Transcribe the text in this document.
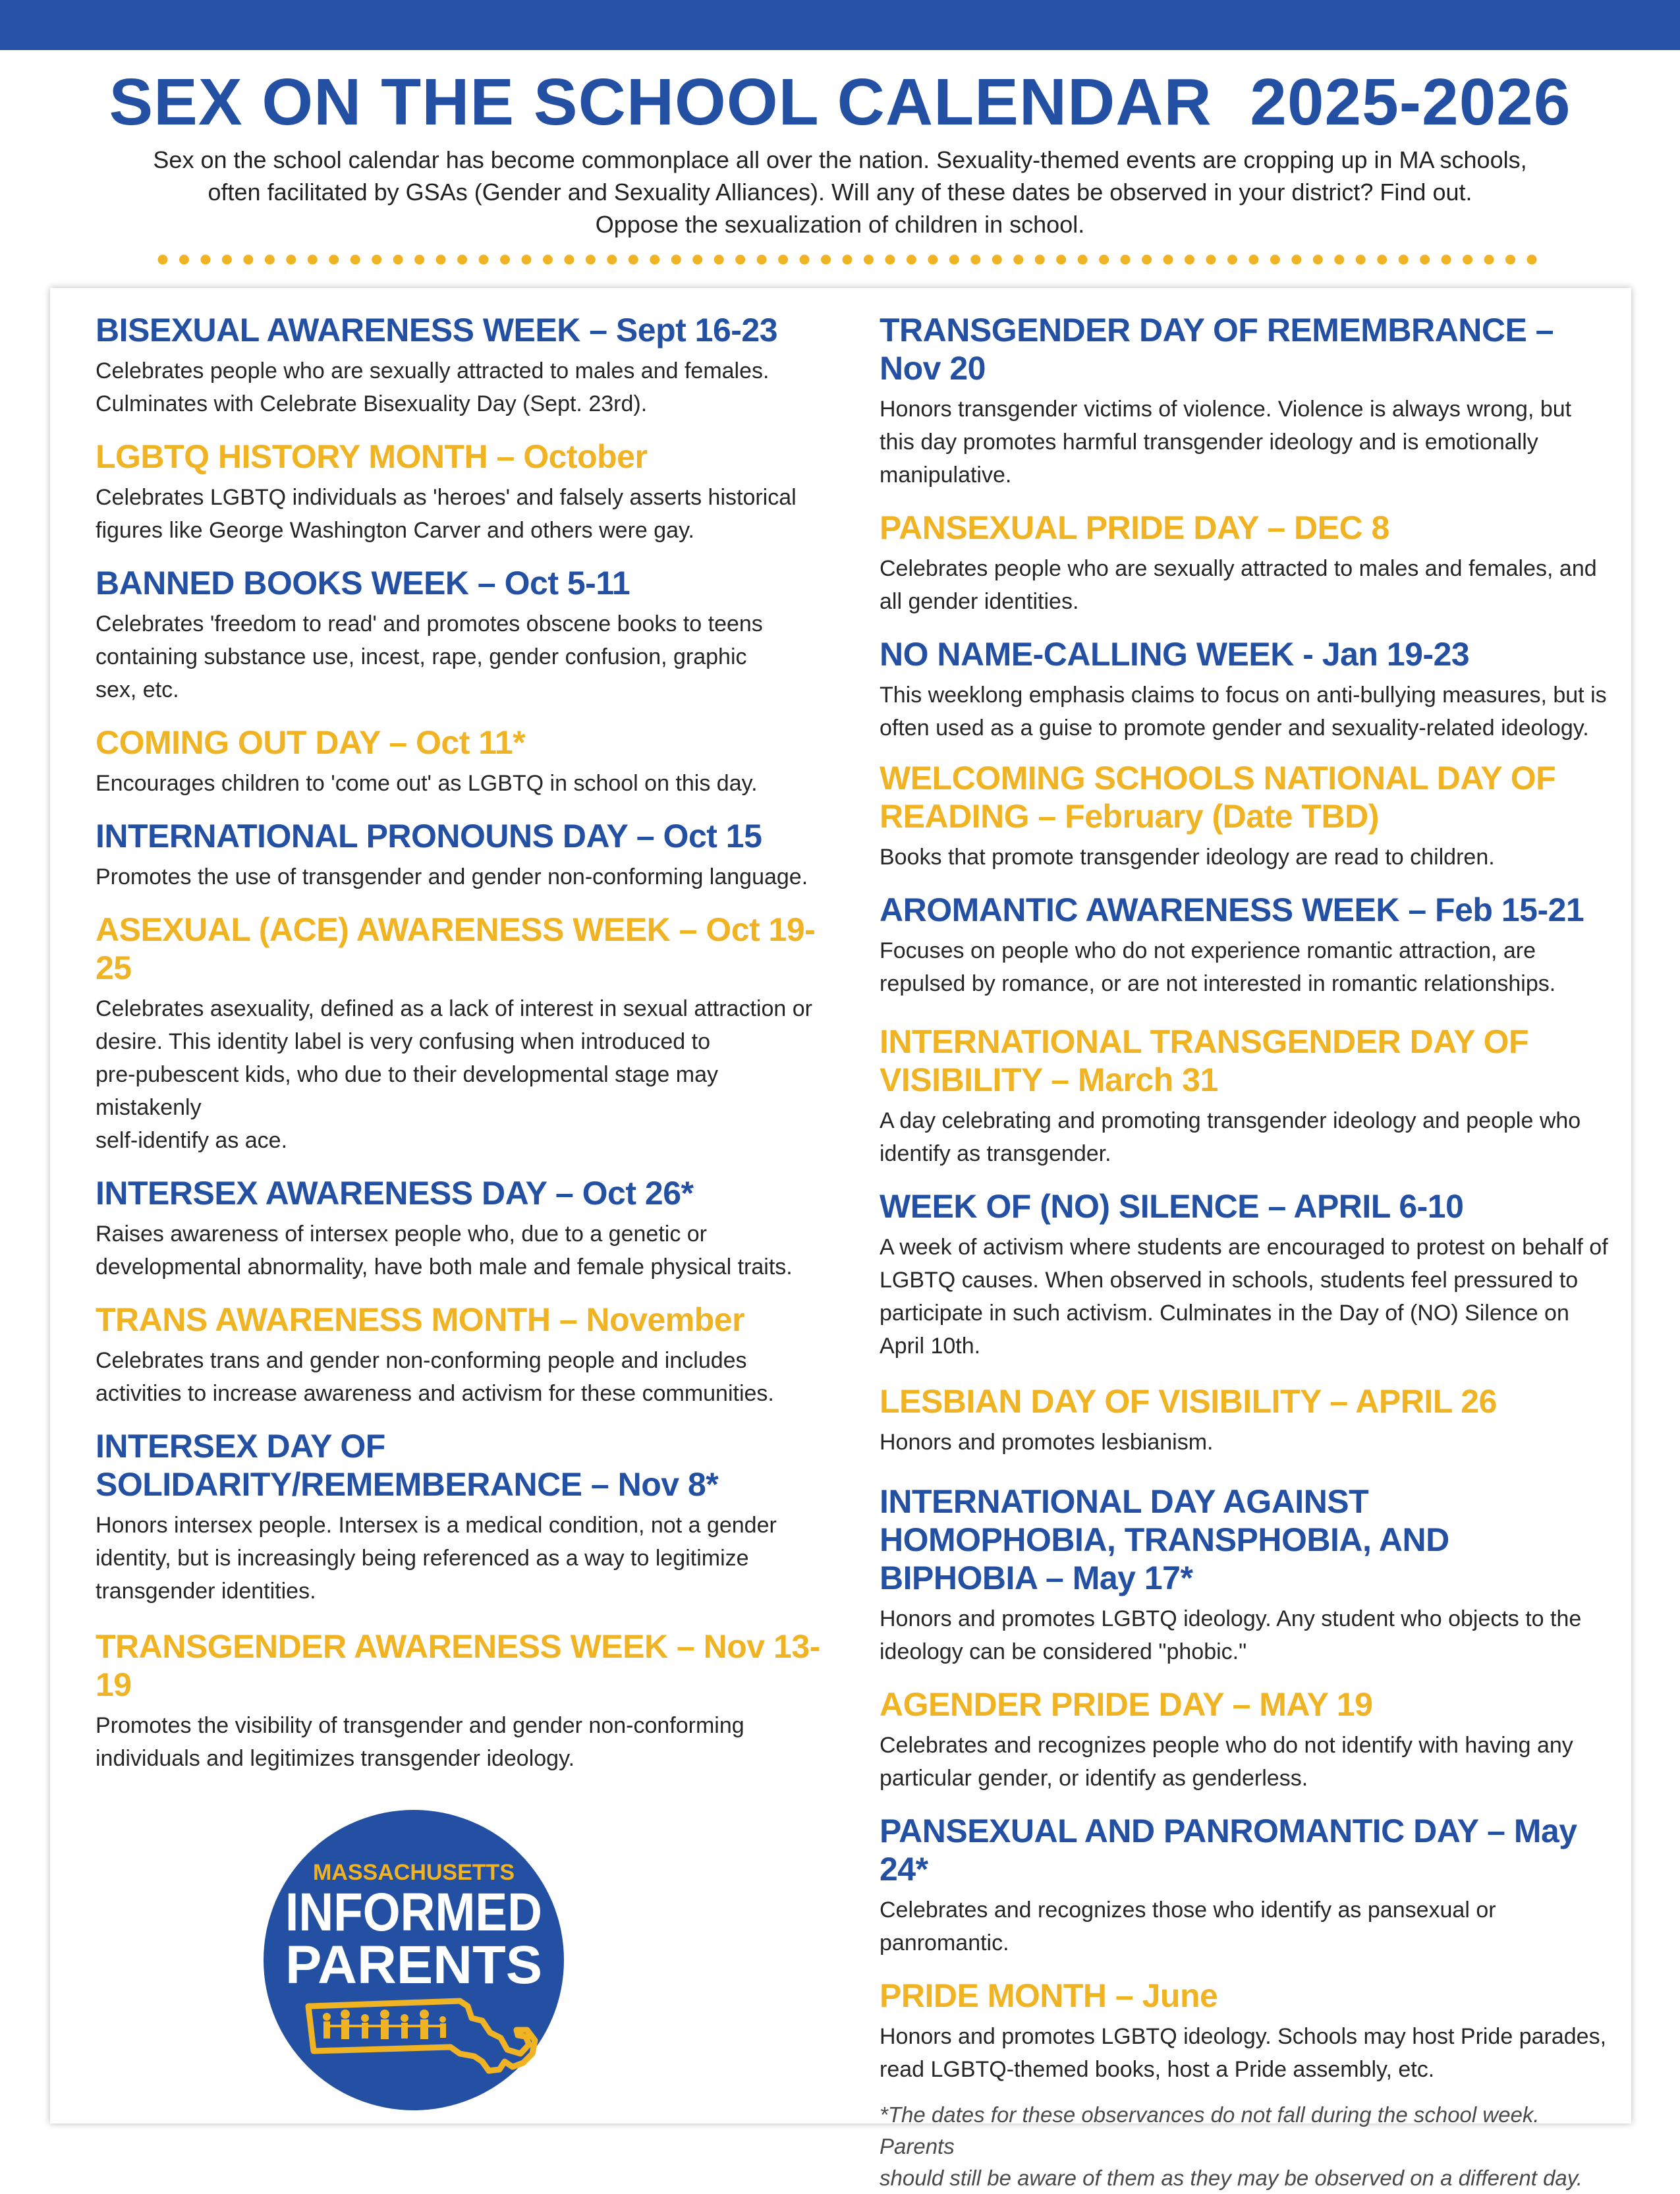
SEX ON THE SCHOOL CALENDAR  2025-2026
Sex on the school calendar has become commonplace all over the nation. Sexuality-themed events are cropping up in MA schools,
often facilitated by GSAs (Gender and Sexuality Alliances). Will any of these dates be observed in your district? Find out.
Oppose the sexualization of children in school.
BISEXUAL AWARENESS WEEK – Sept 16-23
Celebrates people who are sexually attracted to males and females.
Culminates with Celebrate Bisexuality Day (Sept. 23rd).
LGBTQ HISTORY MONTH – October
Celebrates LGBTQ individuals as 'heroes' and falsely asserts historical
figures like George Washington Carver and others were gay.
BANNED BOOKS WEEK – Oct 5-11
Celebrates 'freedom to read' and promotes obscene books to teens
containing substance use, incest, rape, gender confusion, graphic
sex, etc.
COMING OUT DAY – Oct 11*
Encourages children to 'come out' as LGBTQ in school on this day.
INTERNATIONAL PRONOUNS DAY – Oct 15
Promotes the use of transgender and gender non-conforming language.
ASEXUAL (ACE) AWARENESS WEEK – Oct 19-25
Celebrates asexuality, defined as a lack of interest in sexual attraction or
desire. This identity label is very confusing when introduced to
pre-pubescent kids, who due to their developmental stage may mistakenly
self-identify as ace.
INTERSEX AWARENESS DAY – Oct 26*
Raises awareness of intersex people who, due to a genetic or
developmental abnormality, have both male and female physical traits.
TRANS AWARENESS MONTH – November
Celebrates trans and gender non-conforming people and includes
activities to increase awareness and activism for these communities.
INTERSEX DAY OF SOLIDARITY/REMEMBERANCE – Nov 8*
Honors intersex people. Intersex is a medical condition, not a gender
identity, but is increasingly being referenced as a way to legitimize
transgender identities.
TRANSGENDER AWARENESS WEEK – Nov 13-19
Promotes the visibility of transgender and gender non-conforming
individuals and legitimizes transgender ideology.
TRANSGENDER DAY OF REMEMBRANCE – Nov 20
Honors transgender victims of violence. Violence is always wrong, but
this day promotes harmful transgender ideology and is emotionally
manipulative.
PANSEXUAL PRIDE DAY – DEC 8
Celebrates people who are sexually attracted to males and females, and
all gender identities.
NO NAME-CALLING WEEK - Jan 19-23
This weeklong emphasis claims to focus on anti-bullying measures, but is
often used as a guise to promote gender and sexuality-related ideology.
WELCOMING SCHOOLS NATIONAL DAY OF READING – February (Date TBD)
Books that promote transgender ideology are read to children.
AROMANTIC AWARENESS WEEK – Feb 15-21
Focuses on people who do not experience romantic attraction, are
repulsed by romance, or are not interested in romantic relationships.
INTERNATIONAL TRANSGENDER DAY OF VISIBILITY – March 31
A day celebrating and promoting transgender ideology and people who
identify as transgender.
WEEK OF (NO) SILENCE – APRIL 6-10
A week of activism where students are encouraged to protest on behalf of
LGBTQ causes. When observed in schools, students feel pressured to
participate in such activism. Culminates in the Day of (NO) Silence on
April 10th.
LESBIAN DAY OF VISIBILITY – APRIL 26
Honors and promotes lesbianism.
INTERNATIONAL DAY AGAINST HOMOPHOBIA, TRANSPHOBIA, AND BIPHOBIA – May 17*
Honors and promotes LGBTQ ideology. Any student who objects to the
ideology can be considered "phobic."
AGENDER PRIDE DAY – MAY 19
Celebrates and recognizes people who do not identify with having any
particular gender, or identify as genderless.
PANSEXUAL AND PANROMANTIC DAY – May 24*
Celebrates and recognizes those who identify as pansexual or
panromantic.
PRIDE MONTH – June
Honors and promotes LGBTQ ideology. Schools may host Pride parades,
read LGBTQ-themed books, host a Pride assembly, etc.
*The dates for these observances do not fall during the school week. Parents
should still be aware of them as they may be observed on a different day.
MASSACHUSETTS
INFORMED
PARENTS
